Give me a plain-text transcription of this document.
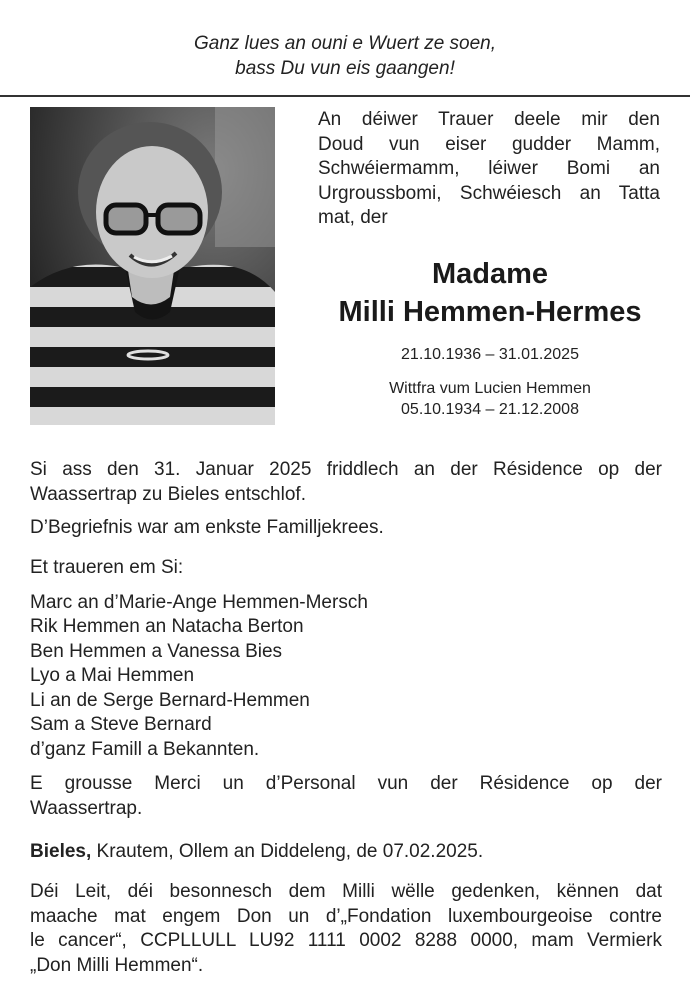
Ganz lues an ouni e Wuert ze soen,
bass Du vun eis gaangen!
An déiwer Trauer deele mir den
Doud vun eiser gudder Mamm,
Schwéiermamm, léiwer Bomi an
Urgroussbomi, Schwéiesch an Tatta
mat, der
Madame
Milli Hemmen-Hermes
21.10.1936 – 31.01.2025
Wittfra vum Lucien Hemmen
05.10.1934 – 21.12.2008
Si ass den 31. Januar 2025 friddlech an der Résidence op der
Waassertrap zu Bieles entschlof.
D’Begriefnis war am enkste Familljekrees.
Et traueren em Si:
Marc an d’Marie-Ange Hemmen-Mersch
Rik Hemmen an Natacha Berton
Ben Hemmen a Vanessa Bies
Lyo a Mai Hemmen
Li an de Serge Bernard-Hemmen
Sam a Steve Bernard
d’ganz Famill a Bekannten.
E grousse Merci un d’Personal vun der Résidence op der
Waassertrap.
Bieles, Krautem, Ollem an Diddeleng, de 07.02.2025.
Déi Leit, déi besonnesch dem Milli wëlle gedenken, kënnen dat
maache mat engem Don un d’„Fondation luxembourgeoise contre
le cancer“, CCPLLULL LU92 1111 0002 8288 0000, mam Vermierk
„Don Milli Hemmen“.
